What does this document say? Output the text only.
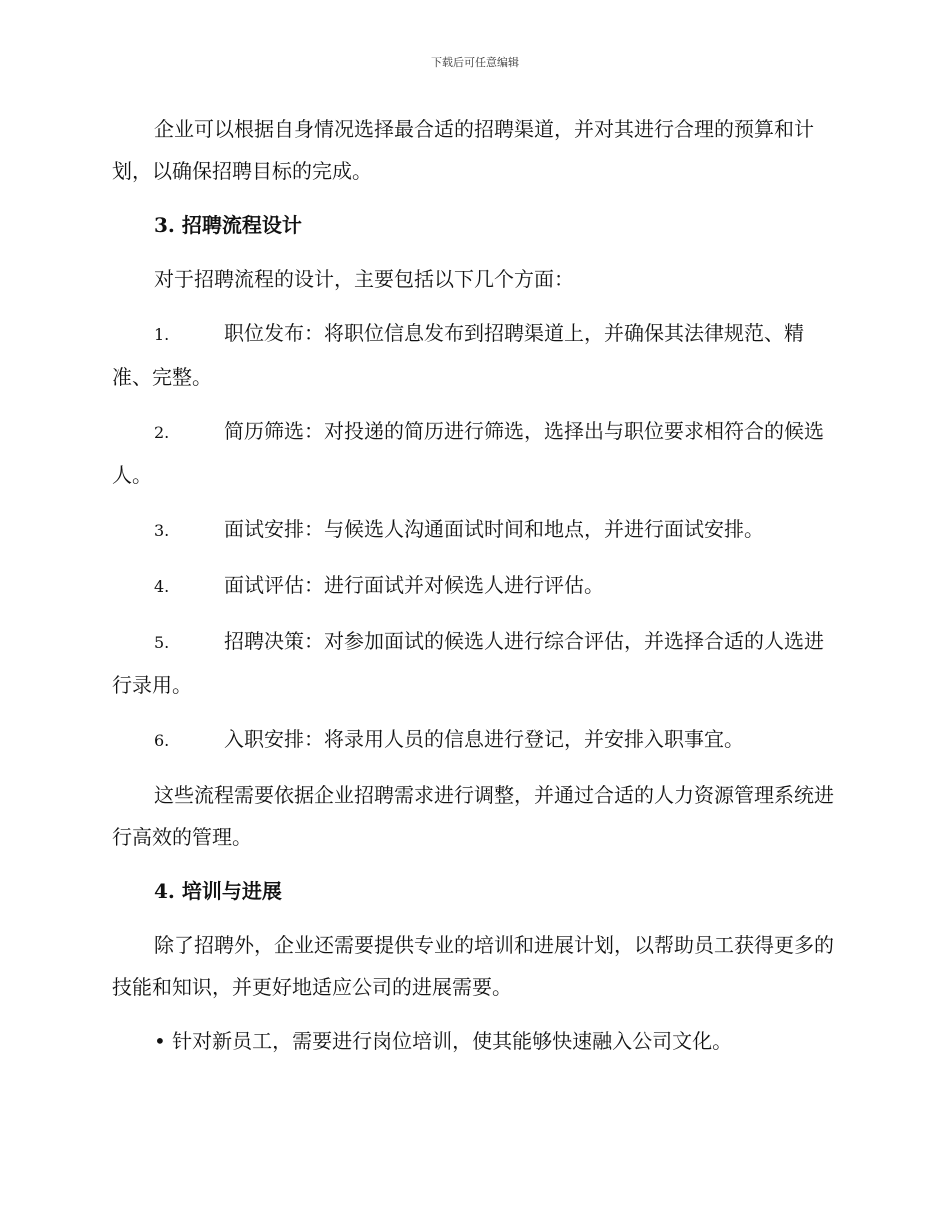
下载后可任意编辑

企业可以根据自身情况选择最合适的招聘渠道，并对其进行合理的预算和计划，以确保招聘目标的完成。

3. 招聘流程设计

对于招聘流程的设计，主要包括以下几个方面：

1.	职位发布：将职位信息发布到招聘渠道上，并确保其法律规范、精准、完整。

2.	简历筛选：对投递的简历进行筛选，选择出与职位要求相符合的候选人。

3.	面试安排：与候选人沟通面试时间和地点，并进行面试安排。

4.	面试评估：进行面试并对候选人进行评估。

5.	招聘决策：对参加面试的候选人进行综合评估，并选择合适的人选进行录用。

6.	入职安排：将录用人员的信息进行登记，并安排入职事宜。

这些流程需要依据企业招聘需求进行调整，并通过合适的人力资源管理系统进行高效的管理。

4. 培训与进展

除了招聘外，企业还需要提供专业的培训和进展计划，以帮助员工获得更多的技能和知识，并更好地适应公司的进展需要。

• 针对新员工，需要进行岗位培训，使其能够快速融入公司文化。
